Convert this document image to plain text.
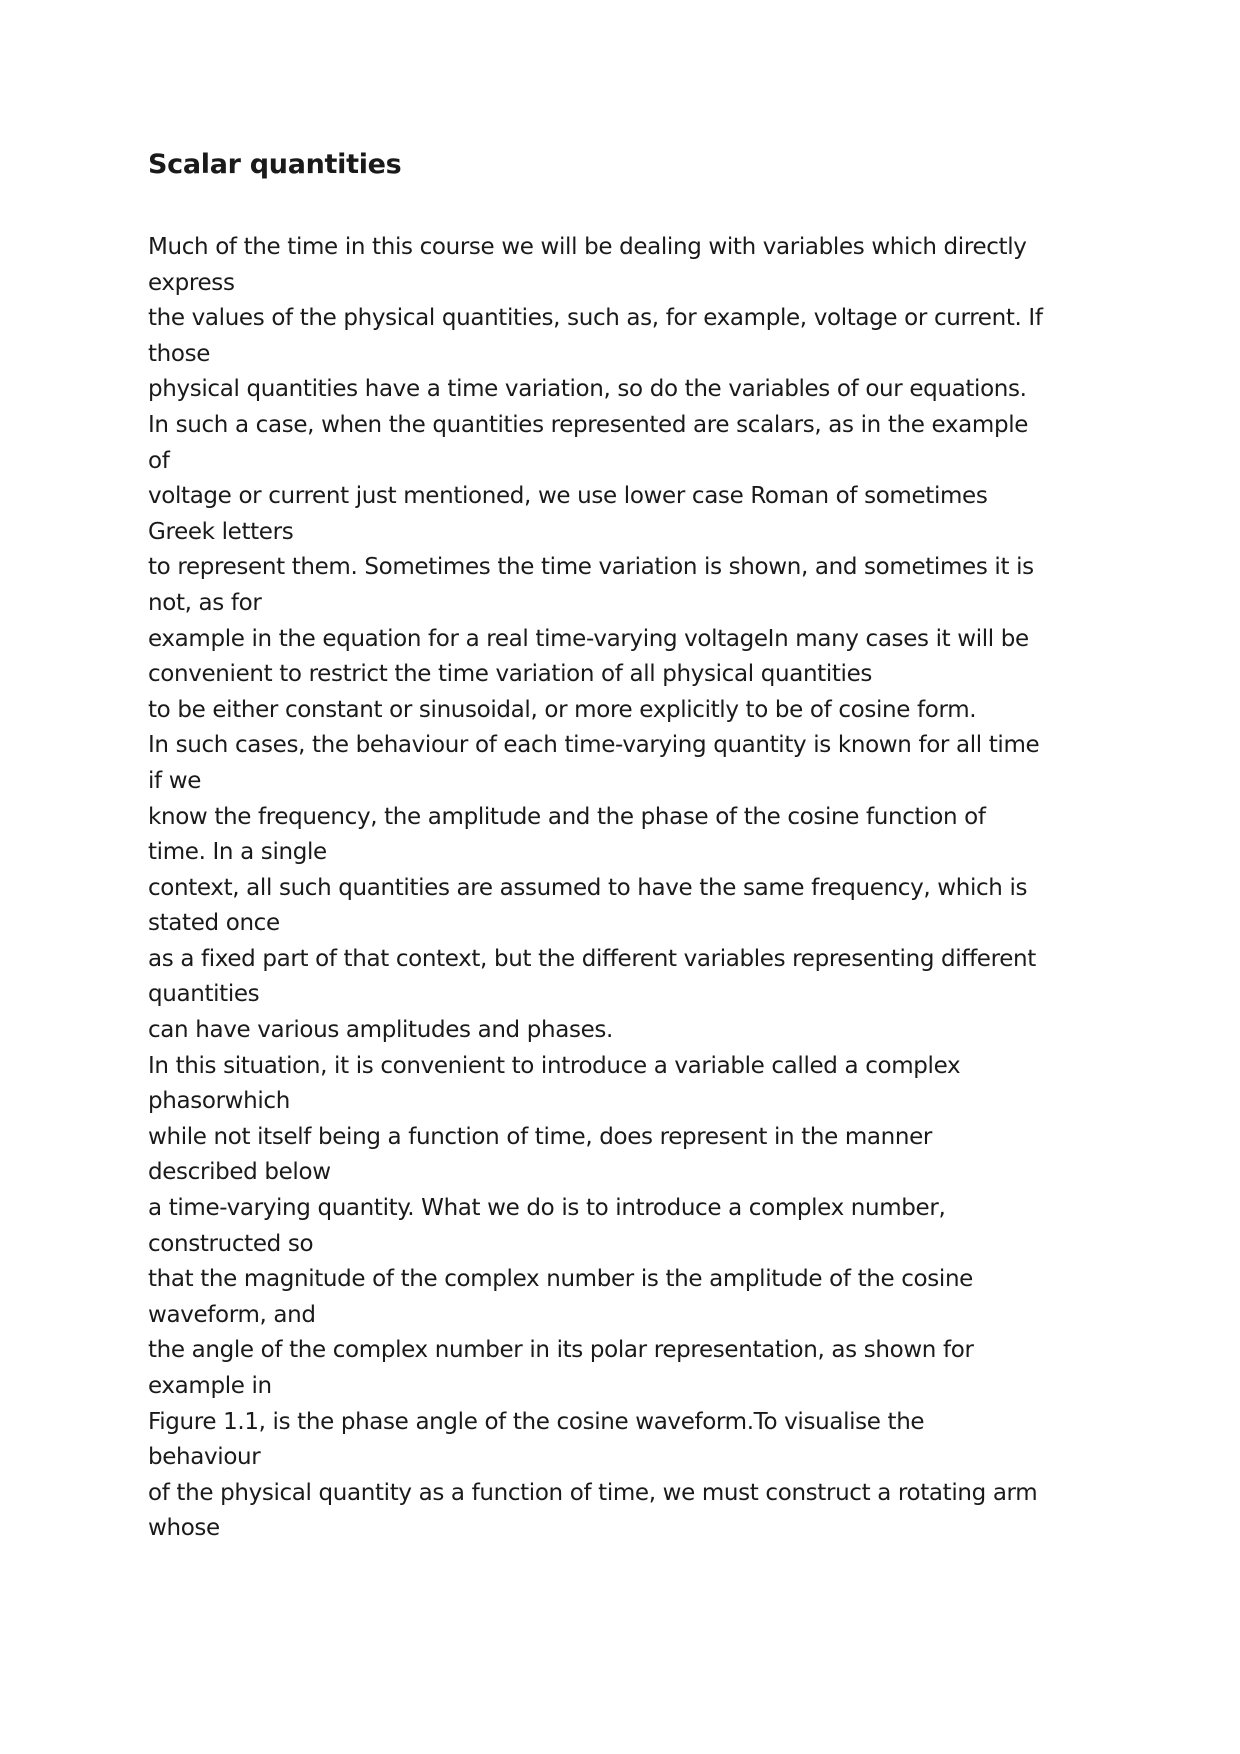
Scalar quantities
Much of the time in this course we will be dealing with variables which directly
express
the values of the physical quantities, such as, for example, voltage or current. If
those
physical quantities have a time variation, so do the variables of our equations.
In such a case, when the quantities represented are scalars, as in the example
of
voltage or current just mentioned, we use lower case Roman of sometimes
Greek letters
to represent them. Sometimes the time variation is shown, and sometimes it is
not, as for
example in the equation for a real time-varying voltageIn many cases it will be
convenient to restrict the time variation of all physical quantities
to be either constant or sinusoidal, or more explicitly to be of cosine form.
In such cases, the behaviour of each time-varying quantity is known for all time
if we
know the frequency, the amplitude and the phase of the cosine function of
time. In a single
context, all such quantities are assumed to have the same frequency, which is
stated once
as a fixed part of that context, but the different variables representing different
quantities
can have various amplitudes and phases.
In this situation, it is convenient to introduce a variable called a complex
phasorwhich
while not itself being a function of time, does represent in the manner
described below
a time-varying quantity. What we do is to introduce a complex number,
constructed so
that the magnitude of the complex number is the amplitude of the cosine
waveform, and
the angle of the complex number in its polar representation, as shown for
example in
Figure 1.1, is the phase angle of the cosine waveform.To visualise the
behaviour
of the physical quantity as a function of time, we must construct a rotating arm
whose
